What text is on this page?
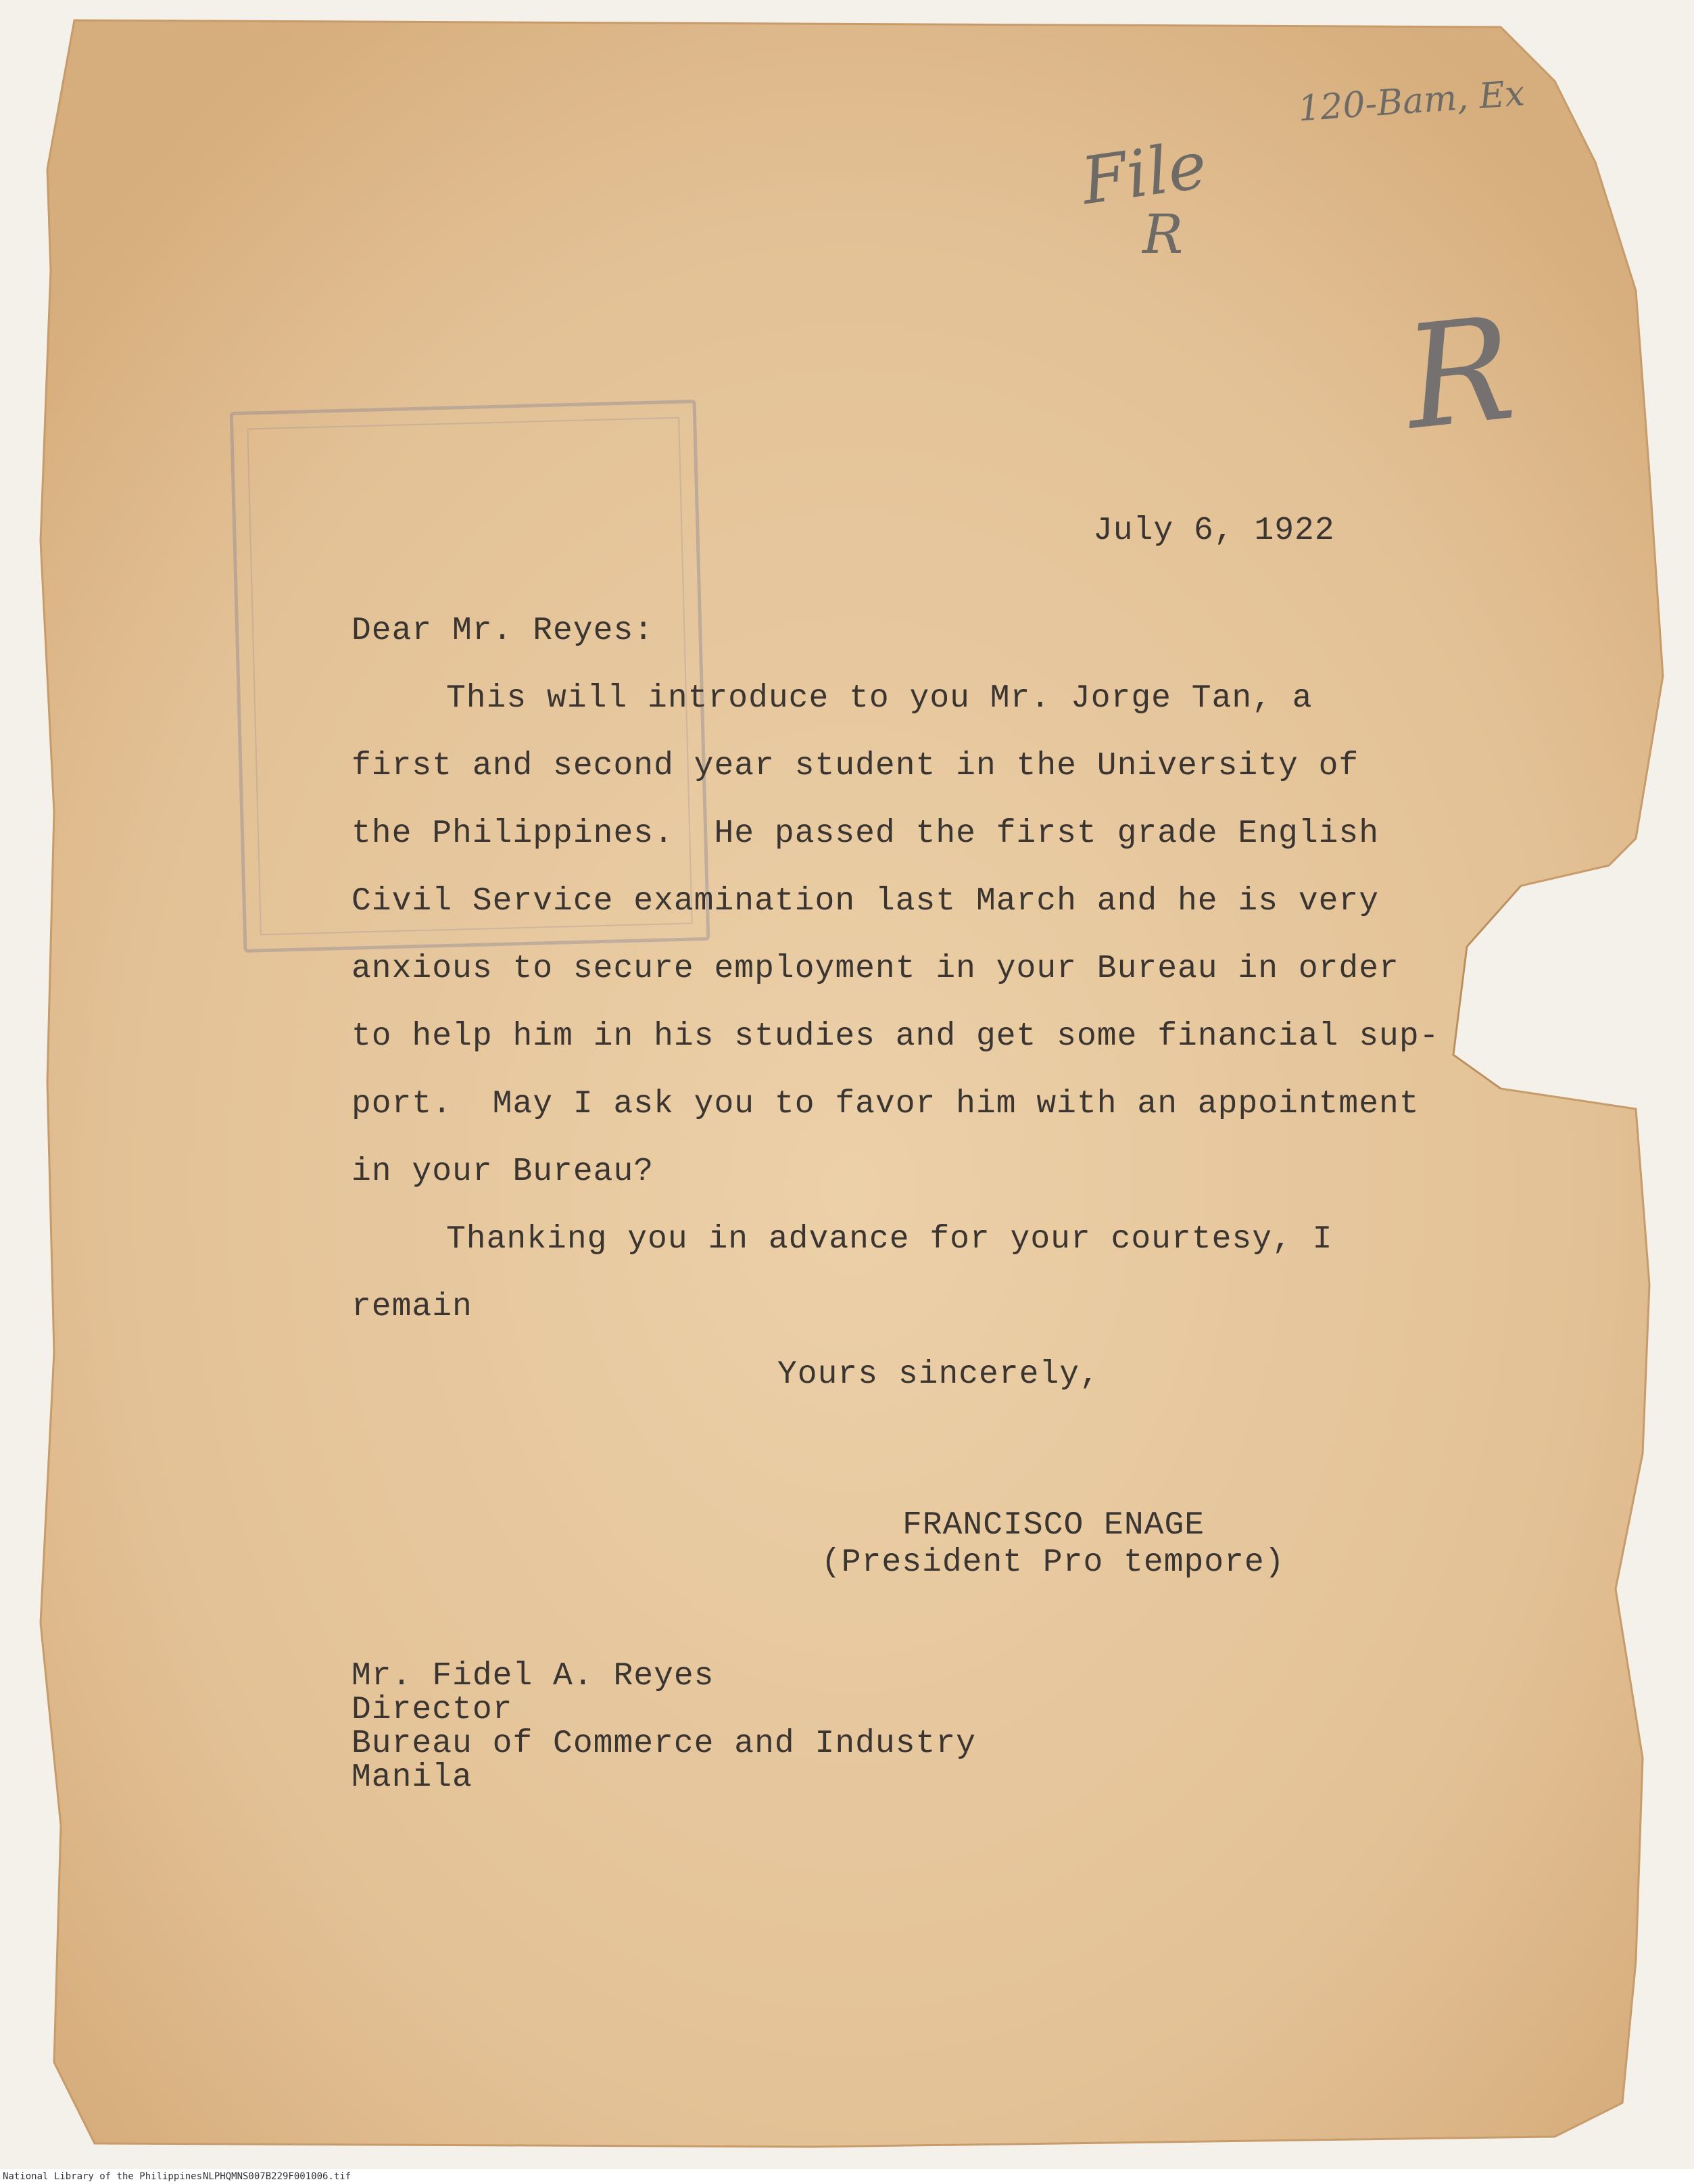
120-Bam, Ex
File
R
R
July 6, 1922
Dear Mr. Reyes:
This will introduce to you Mr. Jorge Tan, a
first and second year student in the University of
the Philippines.  He passed the first grade English
Civil Service examination last March and he is very
anxious to secure employment in your Bureau in order
to help him in his studies and get some financial sup-
port.  May I ask you to favor him with an appointment
in your Bureau?
Thanking you in advance for your courtesy, I
remain
Yours sincerely,
FRANCISCO ENAGE
(President Pro tempore)
Mr. Fidel A. Reyes
Director
Bureau of Commerce and Industry
Manila
National Library of the Philippines NLPHQMNS007B229F001006.tif
